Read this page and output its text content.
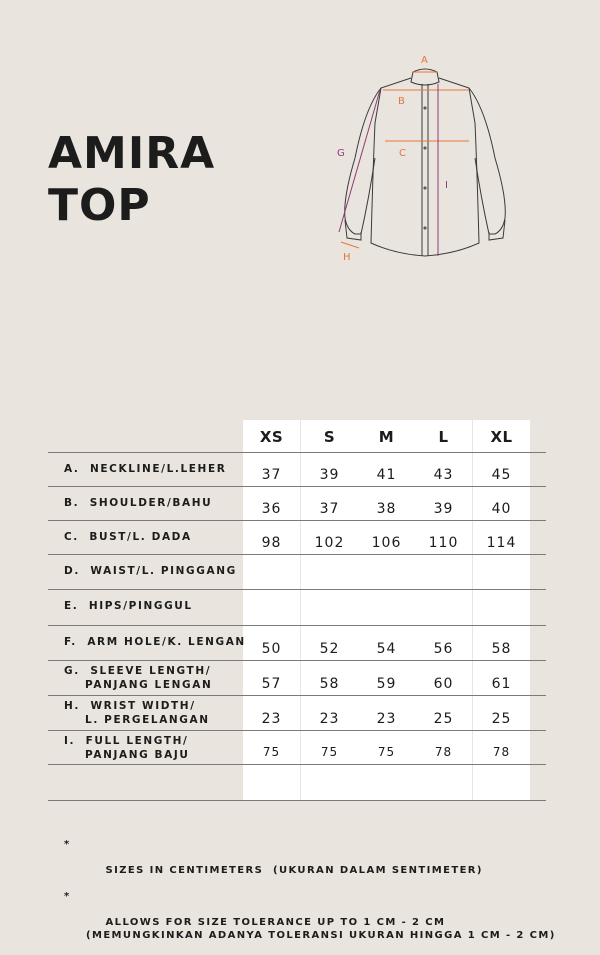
AMIRA
TOP
A
B
C
G
H
I
XS	S	M	L	XL
A.  NECKLINE/L.LEHER	37	39	41	43	45
B.  SHOULDER/BAHU	36	37	38	39	40
C.  BUST/L. DADA	98	102	106	110	114
D.  WAIST/L. PINGGANG
E.  HIPS/PINGGUL
F.  ARM HOLE/K. LENGAN	50	52	54	56	58
G.  SLEEVE LENGTH/
PANJANG LENGAN	57	58	59	60	61
H.  WRIST WIDTH/
L. PERGELANGAN	23	23	23	25	25
I.  FULL LENGTH/
PANJANG BAJU	75	75	75	78	78

*

SIZES IN CENTIMETERS  (UKURAN DALAM SENTIMETER)

*

ALLOWS FOR SIZE TOLERANCE UP TO 1 CM - 2 CM
(MEMUNGKINKAN ADANYA TOLERANSI UKURAN HINGGA 1 CM - 2 CM)
